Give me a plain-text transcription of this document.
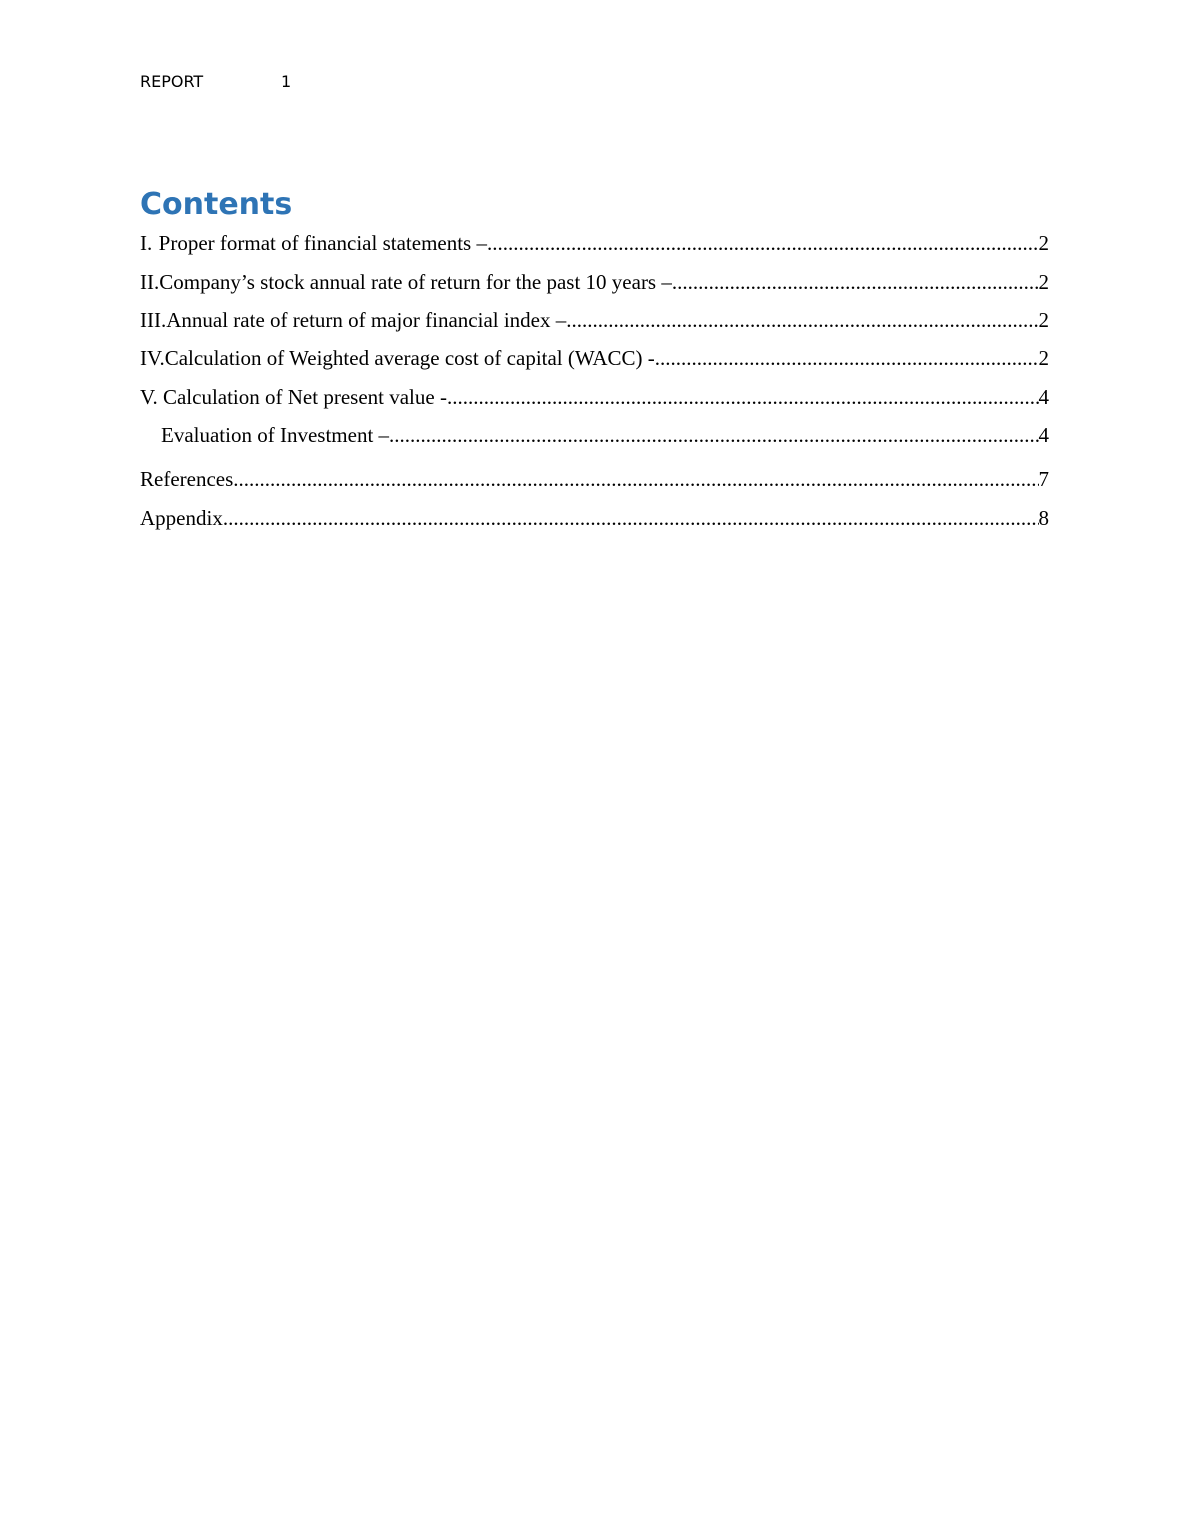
REPORT	1
Contents
I. Proper format of financial statements – .....	2
II. Company’s stock annual rate of return for the past 10 years – .....	2
III. Annual rate of return of major financial index – .....	2
IV. Calculation of Weighted average cost of capital (WACC) - .....	2
V. Calculation of Net present value - .....	4
Evaluation of Investment – .....	4
References .....	7
Appendix .....	8
